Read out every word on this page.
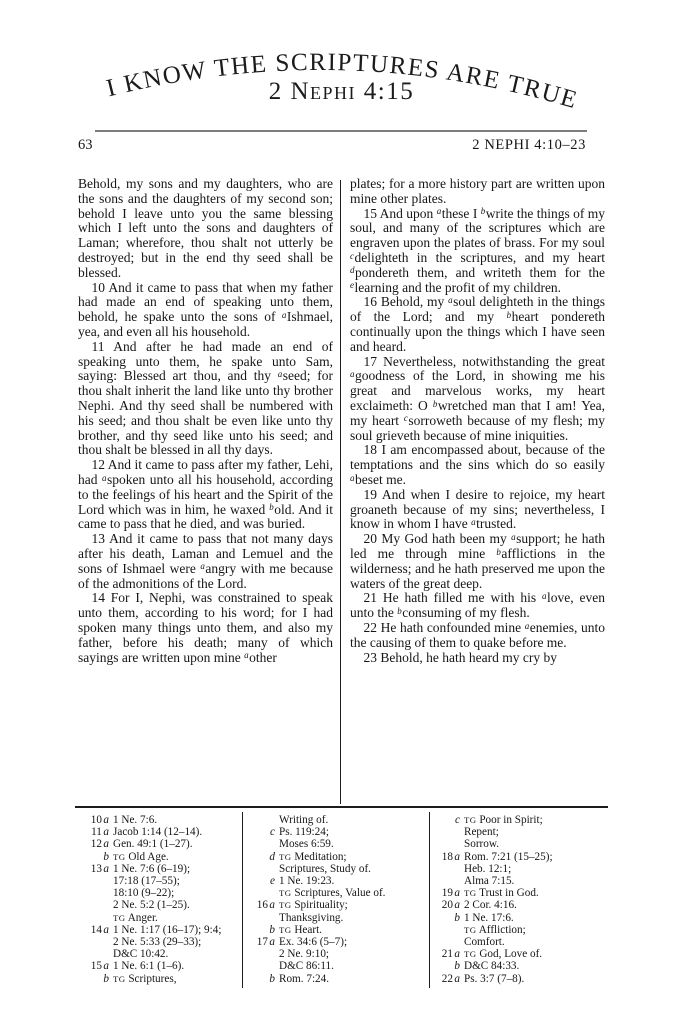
I KNOW THE SCRIPTURES ARE TRUE
2 Nephi 4:15
63	2 NEPHI 4:10–23

Behold, my sons and my daughters, who are the sons and the daughters of my second son; behold I leave unto you the same blessing which I left unto the sons and daughters of Laman; wherefore, thou shalt not utterly be destroyed; but in the end thy seed shall be blessed.

10 And it came to pass that when my father had made an end of speaking unto them, behold, he spake unto the sons of $^a$Ishmael, yea, and even all his household.

11 And after he had made an end of speaking unto them, he spake unto Sam, saying: Blessed art thou, and thy $^a$seed; for thou shalt inherit the land like unto thy brother Nephi. And thy seed shall be numbered with his seed; and thou shalt be even like unto thy brother, and thy seed like unto his seed; and thou shalt be blessed in all thy days.

12 And it came to pass after my father, Lehi, had $^a$spoken unto all his household, according to the feelings of his heart and the Spirit of the Lord which was in him, he waxed $^b$old. And it came to pass that he died, and was buried.

13 And it came to pass that not many days after his death, Laman and Lemuel and the sons of Ishmael were $^a$angry with me because of the admonitions of the Lord.

14 For I, Nephi, was constrained to speak unto them, according to his word; for I had spoken many things unto them, and also my father, before his death; many of which sayings are written upon mine $^a$other

plates; for a more history part are written upon mine other plates.

15 And upon $^a$these I $^b$write the things of my soul, and many of the scriptures which are engraven upon the plates of brass. For my soul $^c$delighteth in the scriptures, and my heart $^d$pondereth them, and writeth them for the $^e$learning and the profit of my children.

16 Behold, my $^a$soul delighteth in the things of the Lord; and my $^b$heart pondereth continually upon the things which I have seen and heard.

17 Nevertheless, notwithstanding the great $^a$goodness of the Lord, in showing me his great and marvelous works, my heart exclaimeth: O $^b$wretched man that I am! Yea, my heart $^c$sorroweth because of my flesh; my soul grieveth because of mine iniquities.

18 I am encompassed about, because of the temptations and the sins which do so easily $^a$beset me.

19 And when I desire to rejoice, my heart groaneth because of my sins; nevertheless, I know in whom I have $^a$trusted.

20 My God hath been my $^a$support; he hath led me through mine $^b$afflictions in the wilderness; and he hath preserved me upon the waters of the great deep.

21 He hath filled me with his $^a$love, even unto the $^b$consuming of my flesh.

22 He hath confounded mine $^a$enemies, unto the causing of them to quake before me.

23 Behold, he hath heard my cry by

10 a 1 Ne. 7:6.
11 a Jacob 1:14 (12–14).
12 a Gen. 49:1 (1–27).
b TG Old Age.
13 a 1 Ne. 7:6 (6–19);
17:18 (17–55);
18:10 (9–22);
2 Ne. 5:2 (1–25).
TG Anger.
14 a 1 Ne. 1:17 (16–17); 9:4;
2 Ne. 5:33 (29–33);
D&C 10:42.
15 a 1 Ne. 6:1 (1–6).
b TG Scriptures,
Writing of.
c Ps. 119:24;
Moses 6:59.
d TG Meditation;
Scriptures, Study of.
e 1 Ne. 19:23.
TG Scriptures, Value of.
16 a TG Spirituality;
Thanksgiving.
b TG Heart.
17 a Ex. 34:6 (5–7);
2 Ne. 9:10;
D&C 86:11.
b Rom. 7:24.
c TG Poor in Spirit;
Repent;
Sorrow.
18 a Rom. 7:21 (15–25);
Heb. 12:1;
Alma 7:15.
19 a TG Trust in God.
20 a 2 Cor. 4:16.
b 1 Ne. 17:6.
TG Affliction;
Comfort.
21 a TG God, Love of.
b D&C 84:33.
22 a Ps. 3:7 (7–8).
